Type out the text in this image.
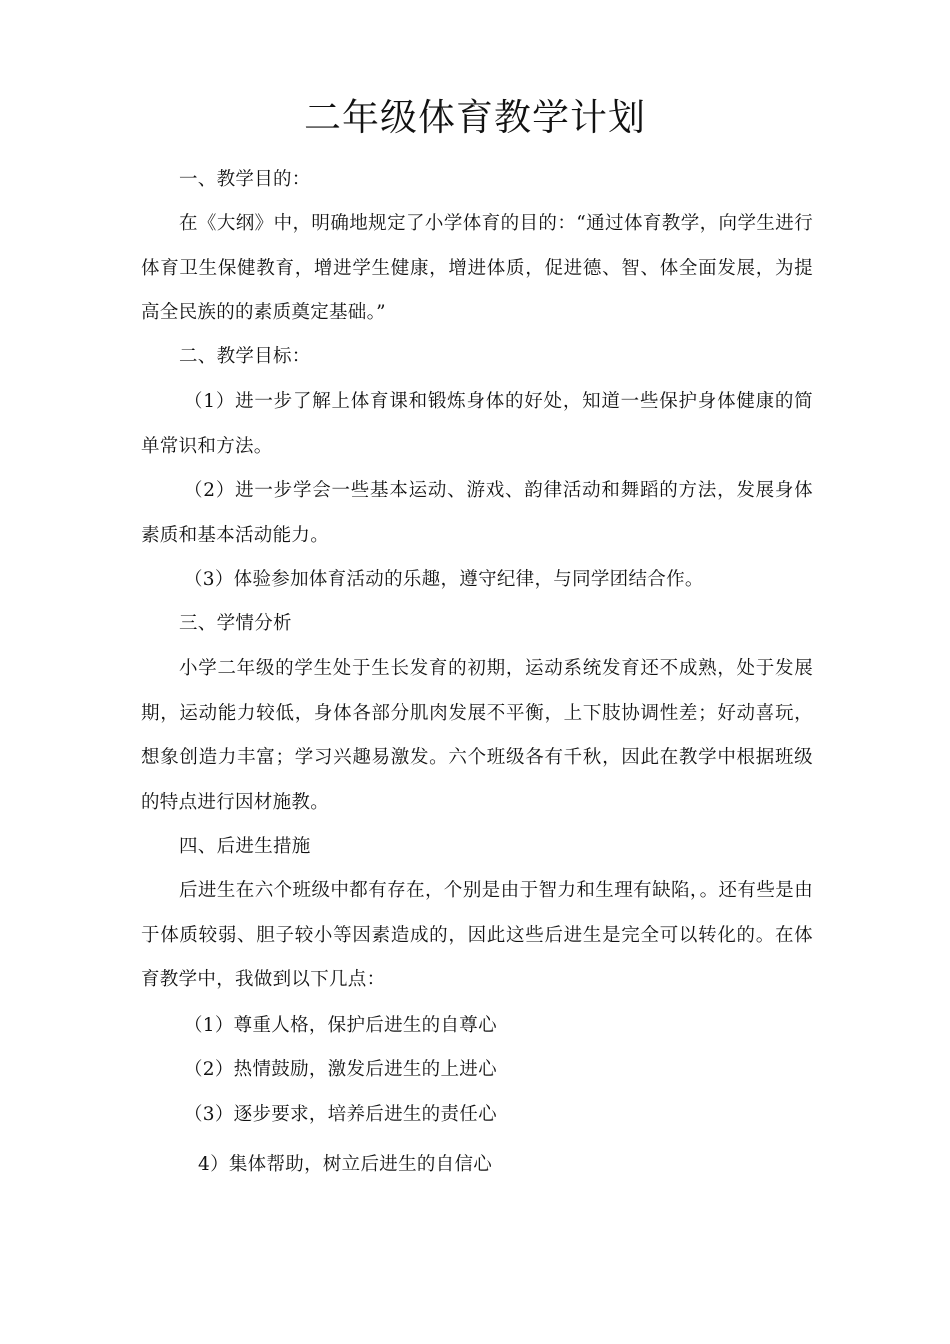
二年级体育教学计划

一、教学目的：

在《大纲》中，明确地规定了小学体育的目的：“通过体育教学，向学生进行体育卫生保健教育，增进学生健康，增进体质，促进德、智、体全面发展，为提高全民族的的素质奠定基础。”

二、教学目标：

（1）进一步了解上体育课和锻炼身体的好处，知道一些保护身体健康的简单常识和方法。

（2）进一步学会一些基本运动、游戏、韵律活动和舞蹈的方法，发展身体素质和基本活动能力。

（3）体验参加体育活动的乐趣，遵守纪律，与同学团结合作。

三、学情分析

小学二年级的学生处于生长发育的初期，运动系统发育还不成熟，处于发展期，运动能力较低，身体各部分肌肉发展不平衡，上下肢协调性差；好动喜玩，想象创造力丰富；学习兴趣易激发。六个班级各有千秋，因此在教学中根据班级的特点进行因材施教。

四、后进生措施

后进生在六个班级中都有存在，个别是由于智力和生理有缺陷，。还有些是由于体质较弱、胆子较小等因素造成的，因此这些后进生是完全可以转化的。在体育教学中，我做到以下几点：

（1）尊重人格，保护后进生的自尊心

（2）热情鼓励，激发后进生的上进心

（3）逐步要求，培养后进生的责任心

4）集体帮助，树立后进生的自信心
